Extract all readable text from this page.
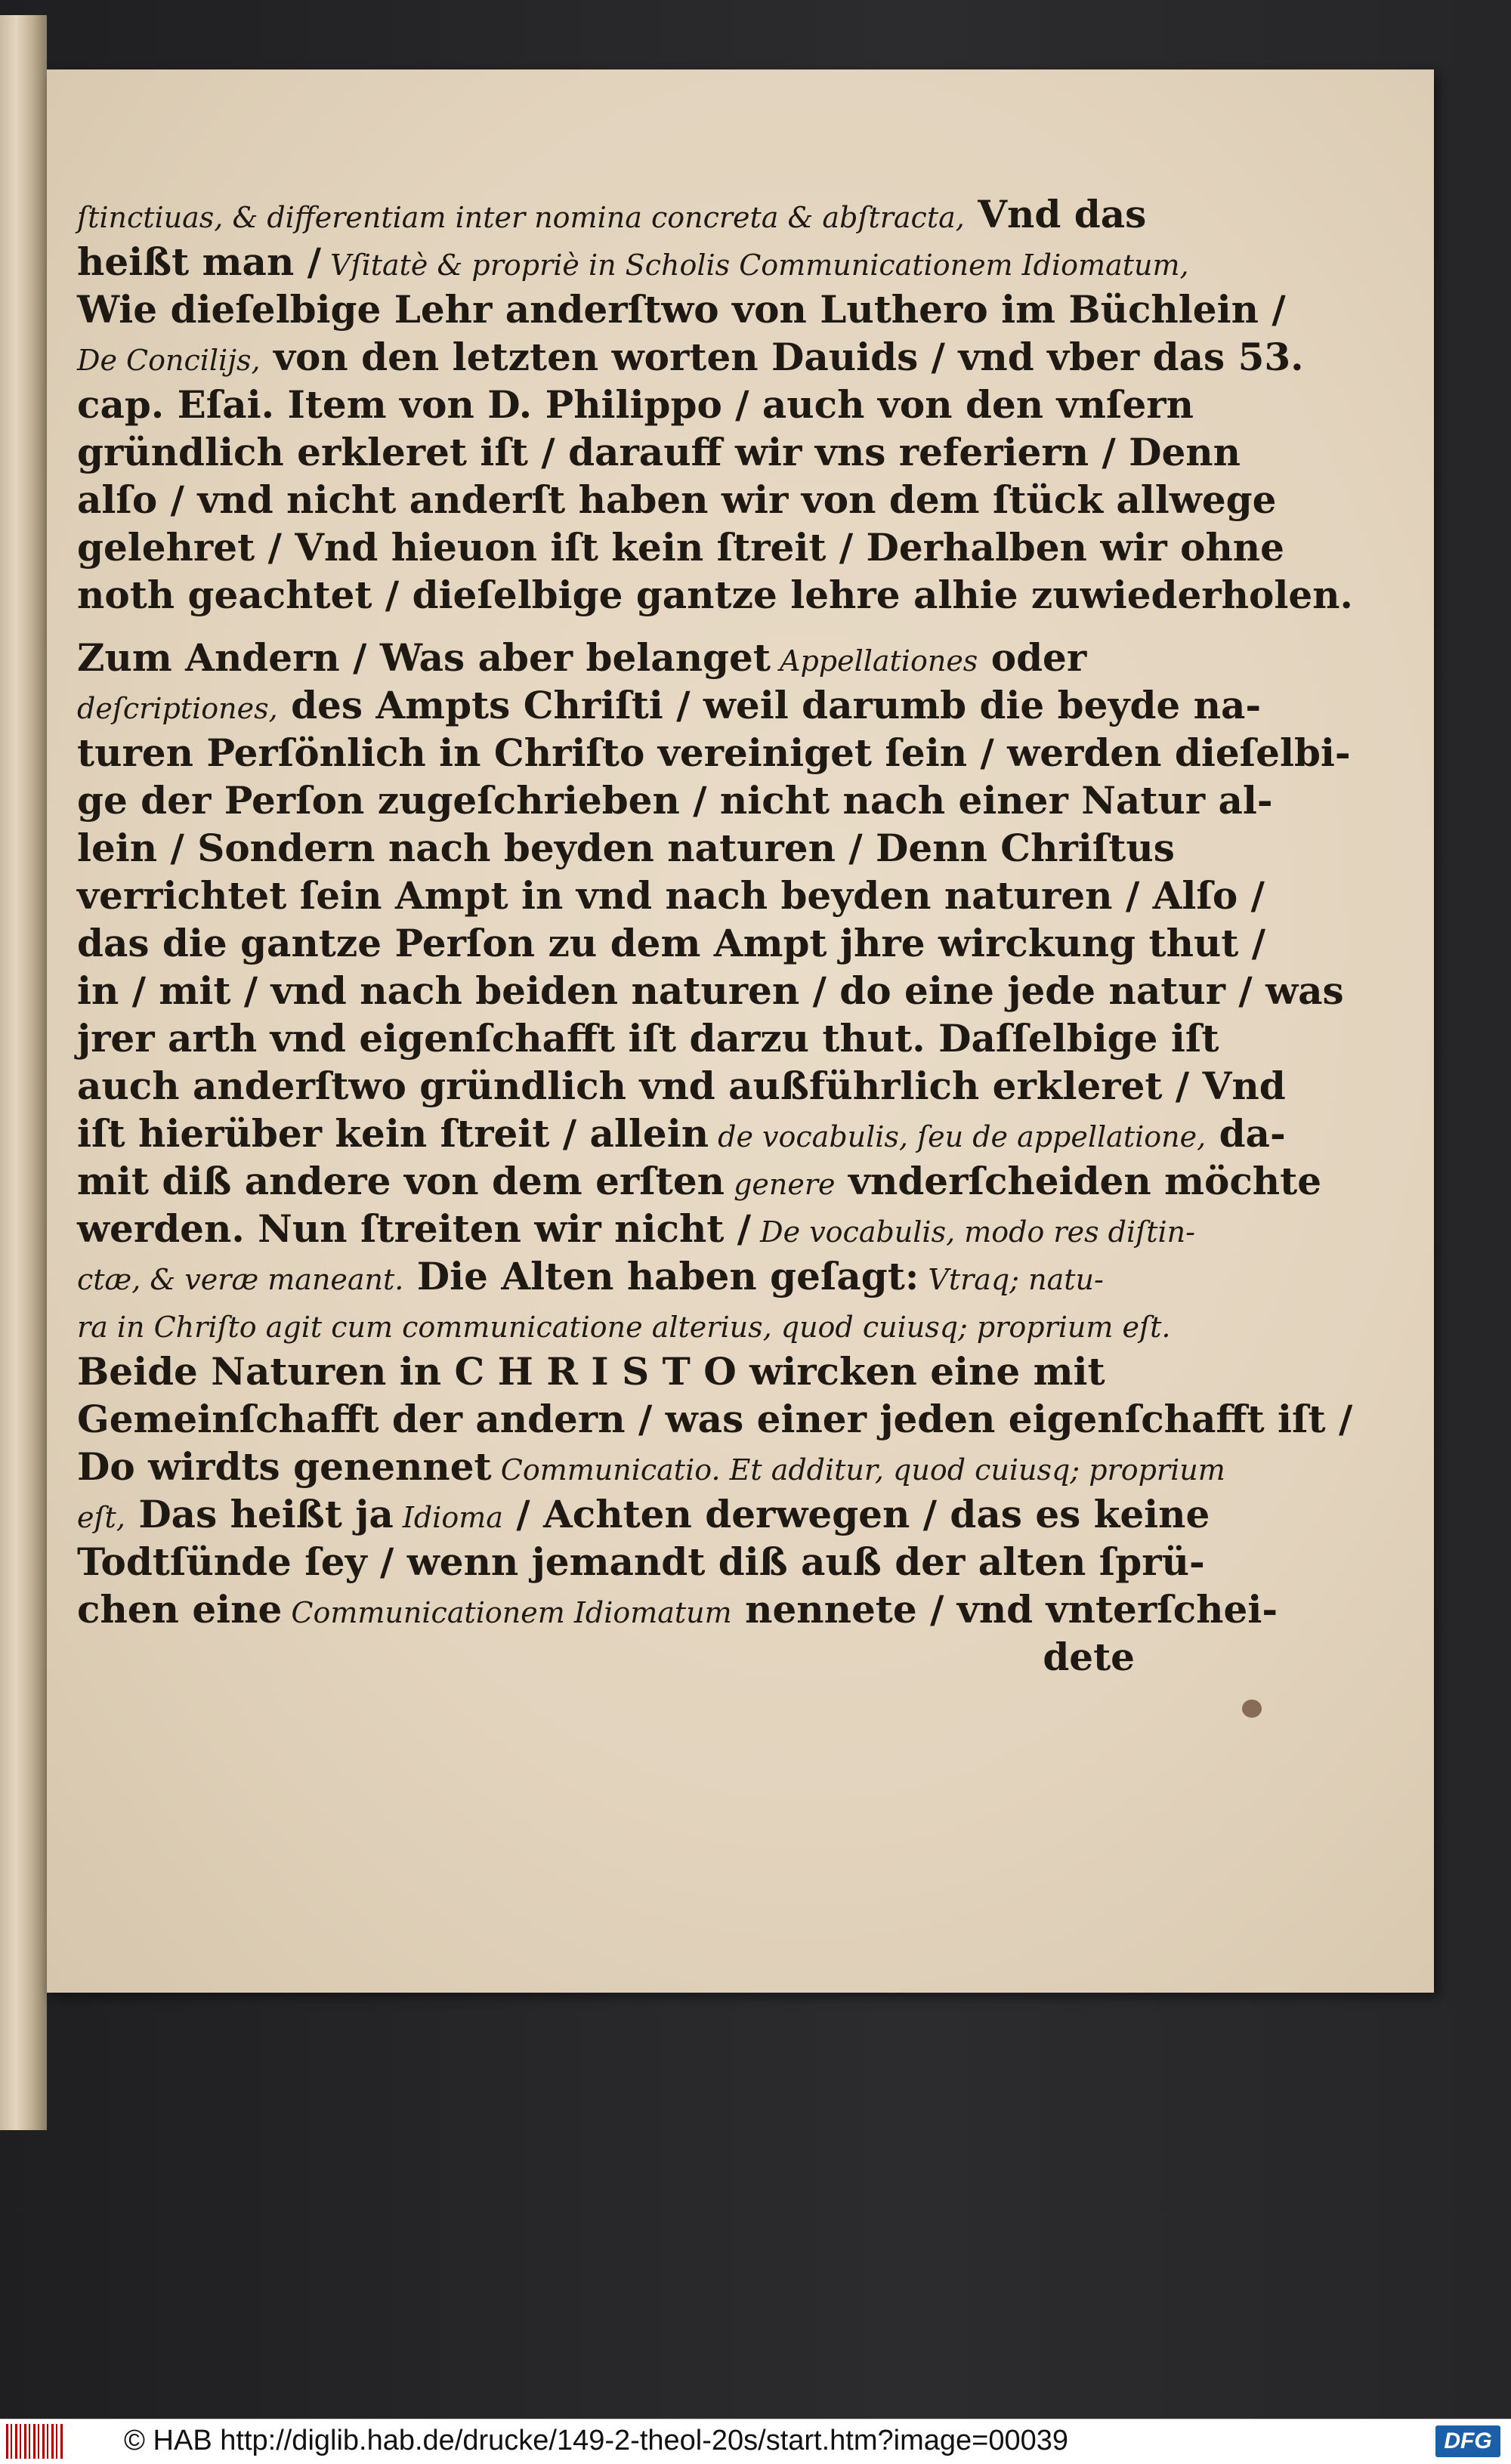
ſtinctiuas, & differentiam inter nomina concreta & abſtracta, Vnd das
heißt man / Vſitatè & propriè in Scholis Communicationem Idiomatum,
Wie dieſelbige Lehr anderſtwo von Luthero im Büchlein /
De Concilijs, von den letzten worten Dauids / vnd vber das 53.
cap. Eſai. Item von D. Philippo / auch von den vnſern
gründlich erkleret iſt / darauff wir vns referiern / Denn
alſo / vnd nicht anderſt haben wir von dem ſtück allwege
gelehret / Vnd hieuon iſt kein ſtreit / Derhalben wir ohne
noth geachtet / dieſelbige gantze lehre alhie zuwiederholen.
Zum Andern / Was aber belanget Appellationes oder
deſcriptiones, des Ampts Chriſti / weil darumb die beyde na-
turen Perſönlich in Chriſto vereiniget ſein / werden dieſelbi-
ge der Perſon zugeſchrieben / nicht nach einer Natur al-
lein / Sondern nach beyden naturen / Denn Chriſtus
verrichtet ſein Ampt in vnd nach beyden naturen / Alſo /
das die gantze Perſon zu dem Ampt jhre wirckung thut /
in / mit / vnd nach beiden naturen / do eine jede natur / was
jrer arth vnd eigenſchafft iſt darzu thut. Daſſelbige iſt
auch anderſtwo gründlich vnd außführlich erkleret / Vnd
iſt hierüber kein ſtreit / allein de vocabulis, ſeu de appellatione, da-
mit diß andere von dem erſten genere vnderſcheiden möchte
werden. Nun ſtreiten wir nicht / De vocabulis, modo res diſtin-
ctæ, & veræ maneant. Die Alten haben geſagt: Vtraq; natu-
ra in Chriſto agit cum communicatione alterius, quod cuiusq; proprium eſt.
Beide Naturen in C H R I S T O wircken eine mit
Gemeinſchafft der andern / was einer jeden eigenſchafft iſt /
Do wirdts genennet Communicatio. Et additur, quod cuiusq; proprium
eſt, Das heißt ja Idioma / Achten derwegen / das es keine
Todtſünde ſey / wenn jemandt diß auß der alten ſprü-
chen eine Communicationem Idiomatum nennete / vnd vnterſchei-
dete
© HAB http://diglib.hab.de/drucke/149-2-theol-20s/start.htm?image=00039	DFG
